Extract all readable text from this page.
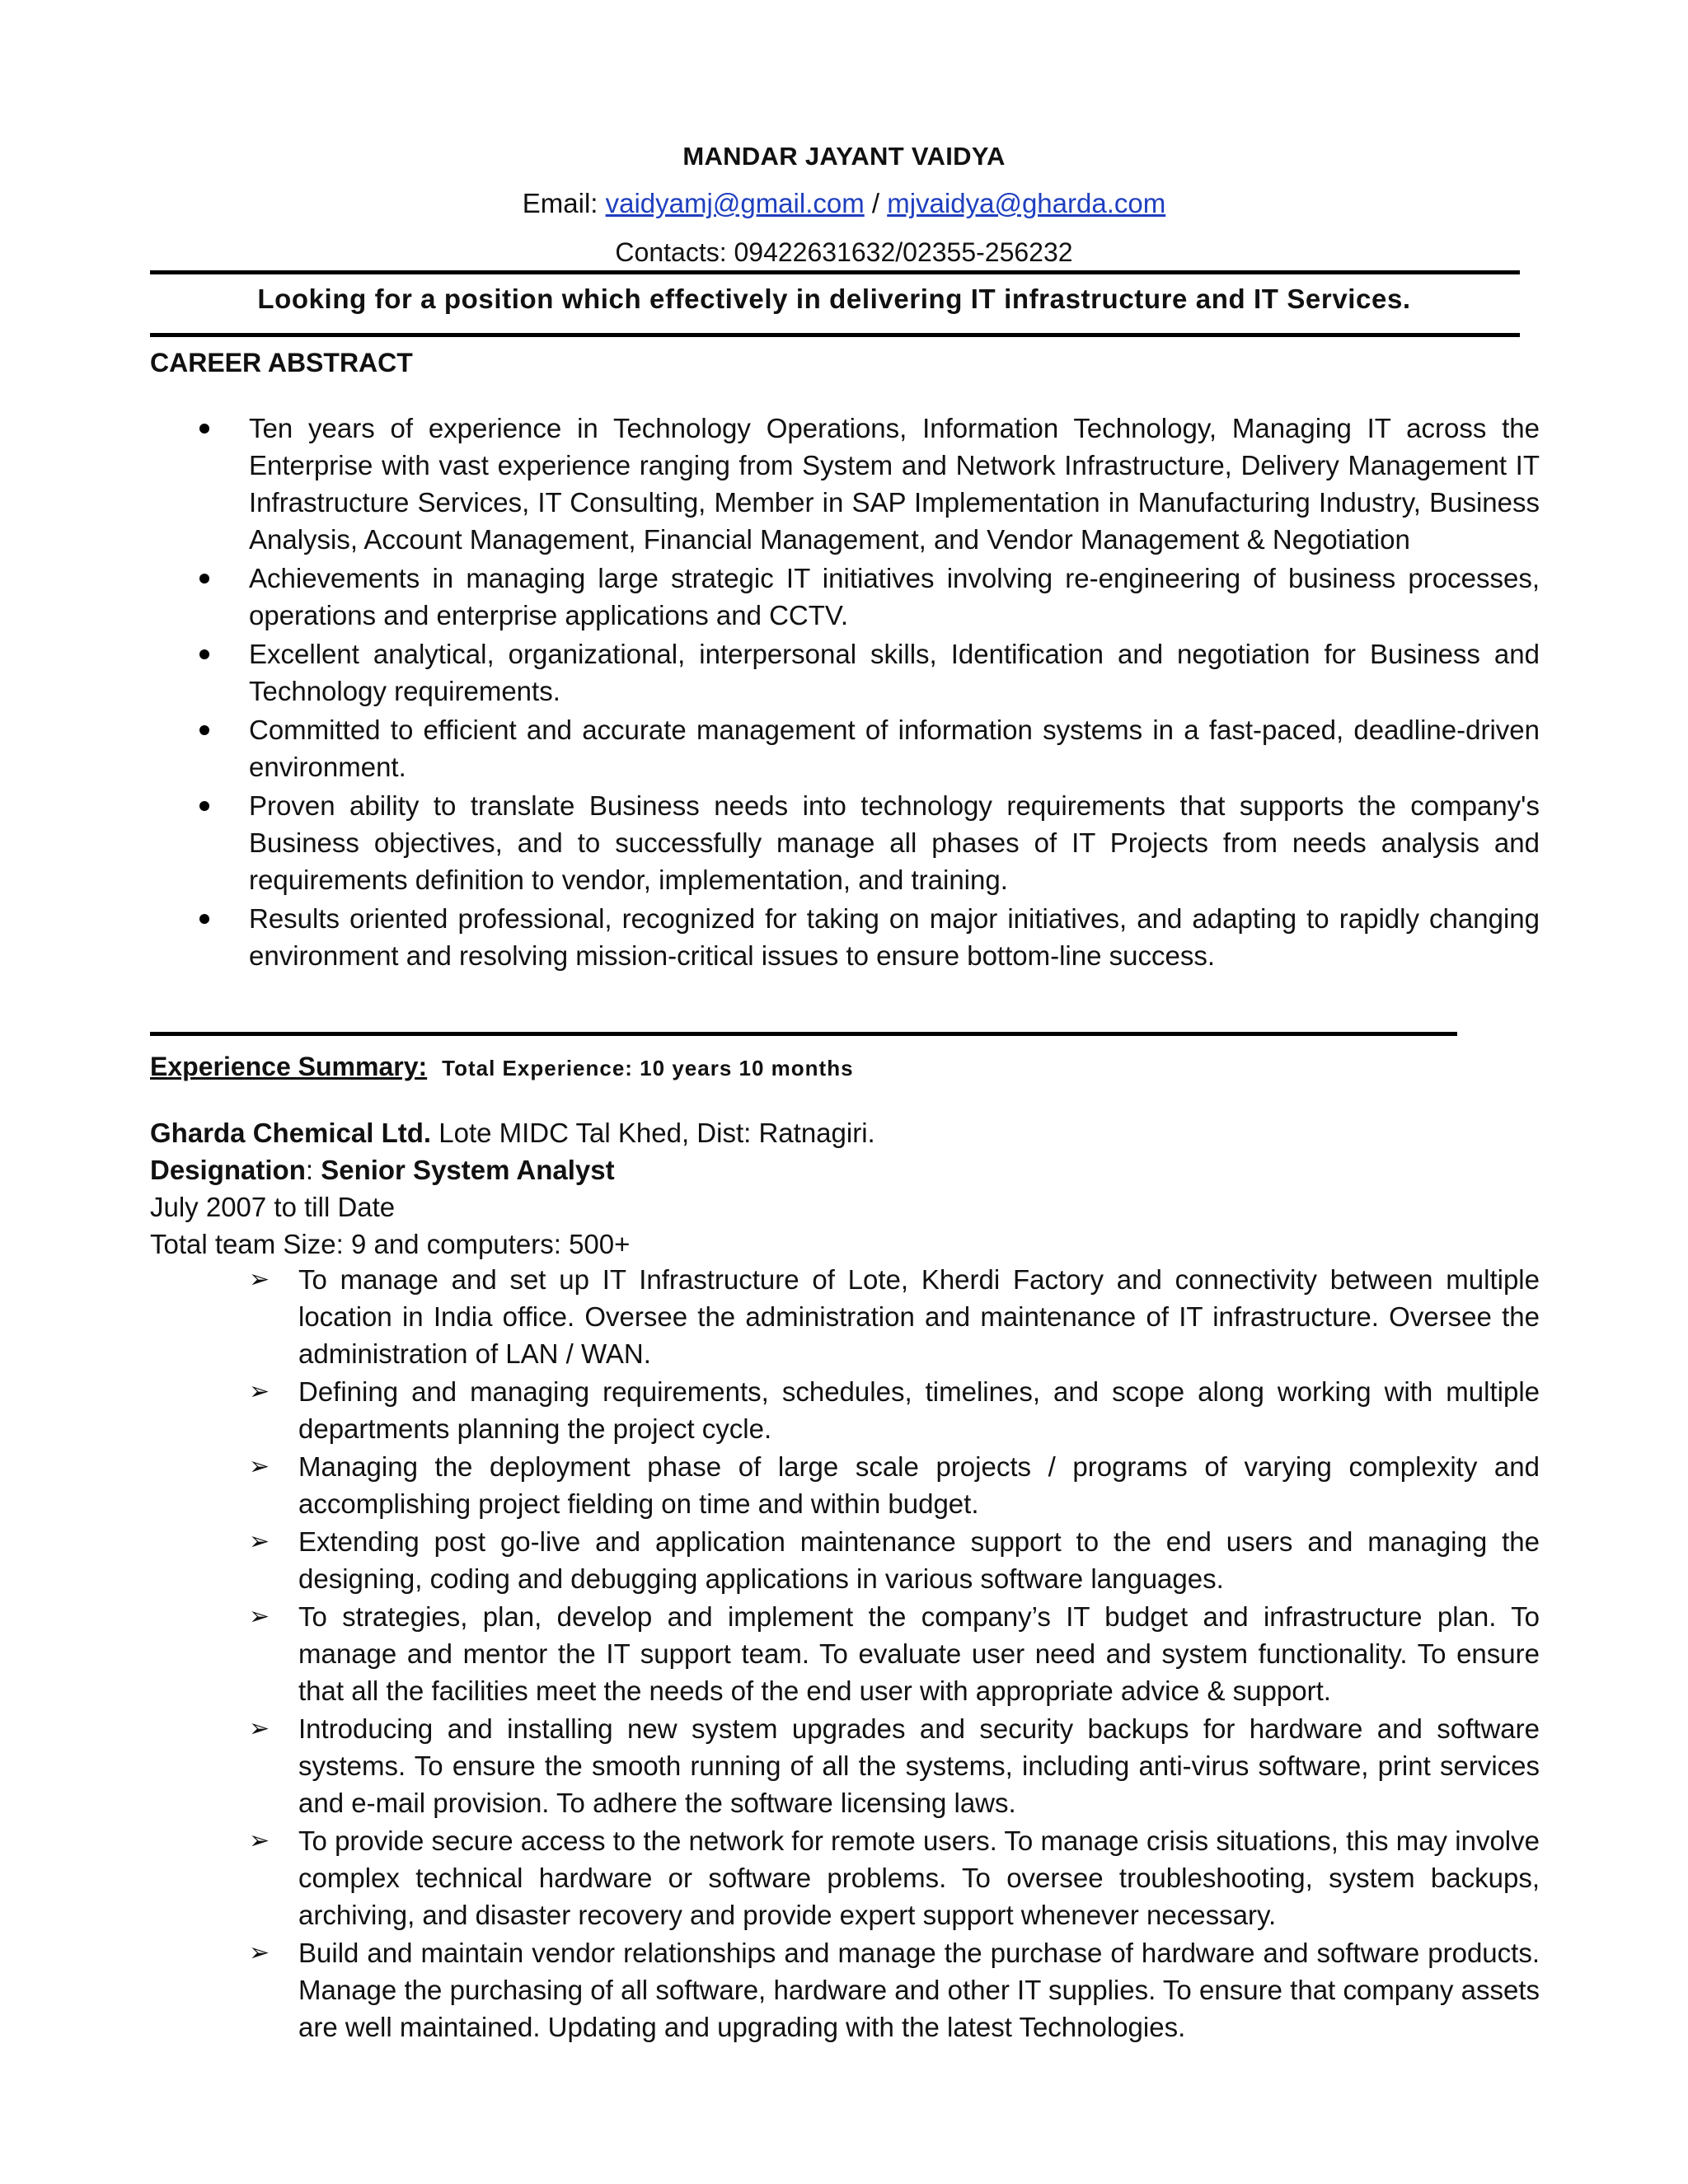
MANDAR JAYANT VAIDYA
Email: vaidyamj@gmail.com / mjvaidya@gharda.com
Contacts: 09422631632/02355-256232
Looking for a position which effectively in delivering IT infrastructure and IT Services.
CAREER ABSTRACT
Ten years of experience in Technology Operations, Information Technology, Managing IT across the Enterprise with vast experience ranging from System and Network Infrastructure, Delivery Management IT Infrastructure Services, IT Consulting, Member in SAP Implementation in Manufacturing Industry, Business Analysis, Account Management, Financial Management, and Vendor Management & Negotiation
Achievements in managing large strategic IT initiatives involving re-engineering of business processes, operations and enterprise applications and CCTV.
Excellent analytical, organizational, interpersonal skills, Identification and negotiation for Business and Technology requirements.
Committed to efficient and accurate management of information systems in a fast-paced, deadline-driven environment.
Proven ability to translate Business needs into technology requirements that supports the company's Business objectives, and to successfully manage all phases of IT Projects from needs analysis and requirements definition to vendor, implementation, and training.
Results oriented professional, recognized for taking on major initiatives, and adapting to rapidly changing environment and resolving mission-critical issues to ensure bottom-line success.
Experience Summary: Total Experience: 10 years 10 months
Gharda Chemical Ltd. Lote MIDC Tal Khed, Dist: Ratnagiri.
Designation: Senior System Analyst
July 2007 to till Date
Total team Size: 9 and computers: 500+
➢ To manage and set up IT Infrastructure of Lote, Kherdi Factory and connectivity between multiple location in India office. Oversee the administration and maintenance of IT infrastructure. Oversee the administration of LAN / WAN.
➢ Defining and managing requirements, schedules, timelines, and scope along working with multiple departments planning the project cycle.
➢ Managing the deployment phase of large scale projects / programs of varying complexity and accomplishing project fielding on time and within budget.
➢ Extending post go-live and application maintenance support to the end users and managing the designing, coding and debugging applications in various software languages.
➢ To strategies, plan, develop and implement the company’s IT budget and infrastructure plan. To manage and mentor the IT support team. To evaluate user need and system functionality. To ensure that all the facilities meet the needs of the end user with appropriate advice & support.
➢ Introducing and installing new system upgrades and security backups for hardware and software systems. To ensure the smooth running of all the systems, including anti-virus software, print services and e-mail provision. To adhere the software licensing laws.
➢ To provide secure access to the network for remote users. To manage crisis situations, this may involve complex technical hardware or software problems. To oversee troubleshooting, system backups, archiving, and disaster recovery and provide expert support whenever necessary.
➢ Build and maintain vendor relationships and manage the purchase of hardware and software products. Manage the purchasing of all software, hardware and other IT supplies. To ensure that company assets are well maintained. Updating and upgrading with the latest Technologies.
